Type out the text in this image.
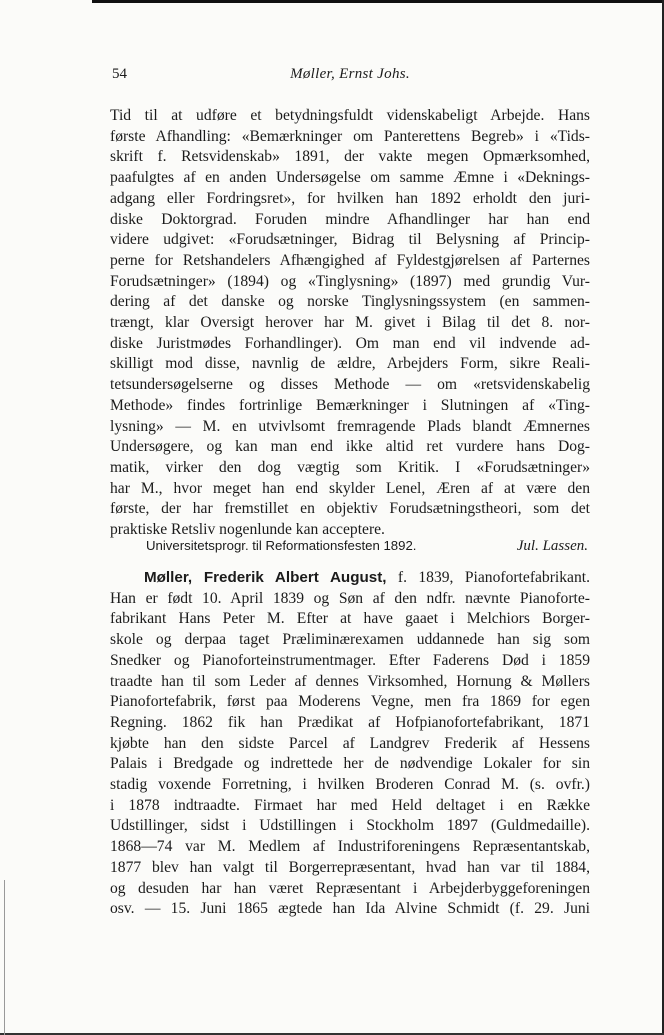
54	Møller, Ernst Johs.
Tid til at udføre et betydningsfuldt videnskabeligt Arbejde. Hans
første Afhandling: «Bemærkninger om Panterettens Begreb» i «Tids-
skrift f. Retsvidenskab» 1891, der vakte megen Opmærksomhed,
paafulgtes af en anden Undersøgelse om samme Æmne i «Deknings-
adgang eller Fordringsret», for hvilken han 1892 erholdt den juri-
diske Doktorgrad. Foruden mindre Afhandlinger har han end
videre udgivet: «Forudsætninger, Bidrag til Belysning af Princip-
perne for Retshandelers Afhængighed af Fyldestgjørelsen af Parternes
Forudsætninger» (1894) og «Tinglysning» (1897) med grundig Vur-
dering af det danske og norske Tinglysningssystem (en sammen-
trængt, klar Oversigt herover har M. givet i Bilag til det 8. nor-
diske Juristmødes Forhandlinger). Om man end vil indvende ad-
skilligt mod disse, navnlig de ældre, Arbejders Form, sikre Reali-
tetsundersøgelserne og disses Methode — om «retsvidenskabelig
Methode» findes fortrinlige Bemærkninger i Slutningen af «Ting-
lysning» — M. en utvivlsomt fremragende Plads blandt Æmnernes
Undersøgere, og kan man end ikke altid ret vurdere hans Dog-
matik, virker den dog vægtig som Kritik. I «Forudsætninger»
har M., hvor meget han end skylder Lenel, Æren af at være den
første, der har fremstillet en objektiv Forudsætningstheori, som det
praktiske Retsliv nogenlunde kan acceptere.
Universitetsprogr. til Reformationsfesten 1892.	Jul. Lassen.
Møller, Frederik Albert August, f. 1839, Pianofortefabrikant.
Han er født 10. April 1839 og Søn af den ndfr. nævnte Pianoforte-
fabrikant Hans Peter M. Efter at have gaaet i Melchiors Borger-
skole og derpaa taget Præliminærexamen uddannede han sig som
Snedker og Pianoforteinstrumentmager. Efter Faderens Død i 1859
traadte han til som Leder af dennes Virksomhed, Hornung & Møllers
Pianofortefabrik, først paa Moderens Vegne, men fra 1869 for egen
Regning. 1862 fik han Prædikat af Hofpianofortefabrikant, 1871
kjøbte han den sidste Parcel af Landgrev Frederik af Hessens
Palais i Bredgade og indrettede her de nødvendige Lokaler for sin
stadig voxende Forretning, i hvilken Broderen Conrad M. (s. ovfr.)
i 1878 indtraadte. Firmaet har med Held deltaget i en Række
Udstillinger, sidst i Udstillingen i Stockholm 1897 (Guldmedaille).
1868—74 var M. Medlem af Industriforeningens Repræsentantskab,
1877 blev han valgt til Borgerrepræsentant, hvad han var til 1884,
og desuden har han været Repræsentant i Arbejderbyggeforeningen
osv. — 15. Juni 1865 ægtede han Ida Alvine Schmidt (f. 29. Juni
